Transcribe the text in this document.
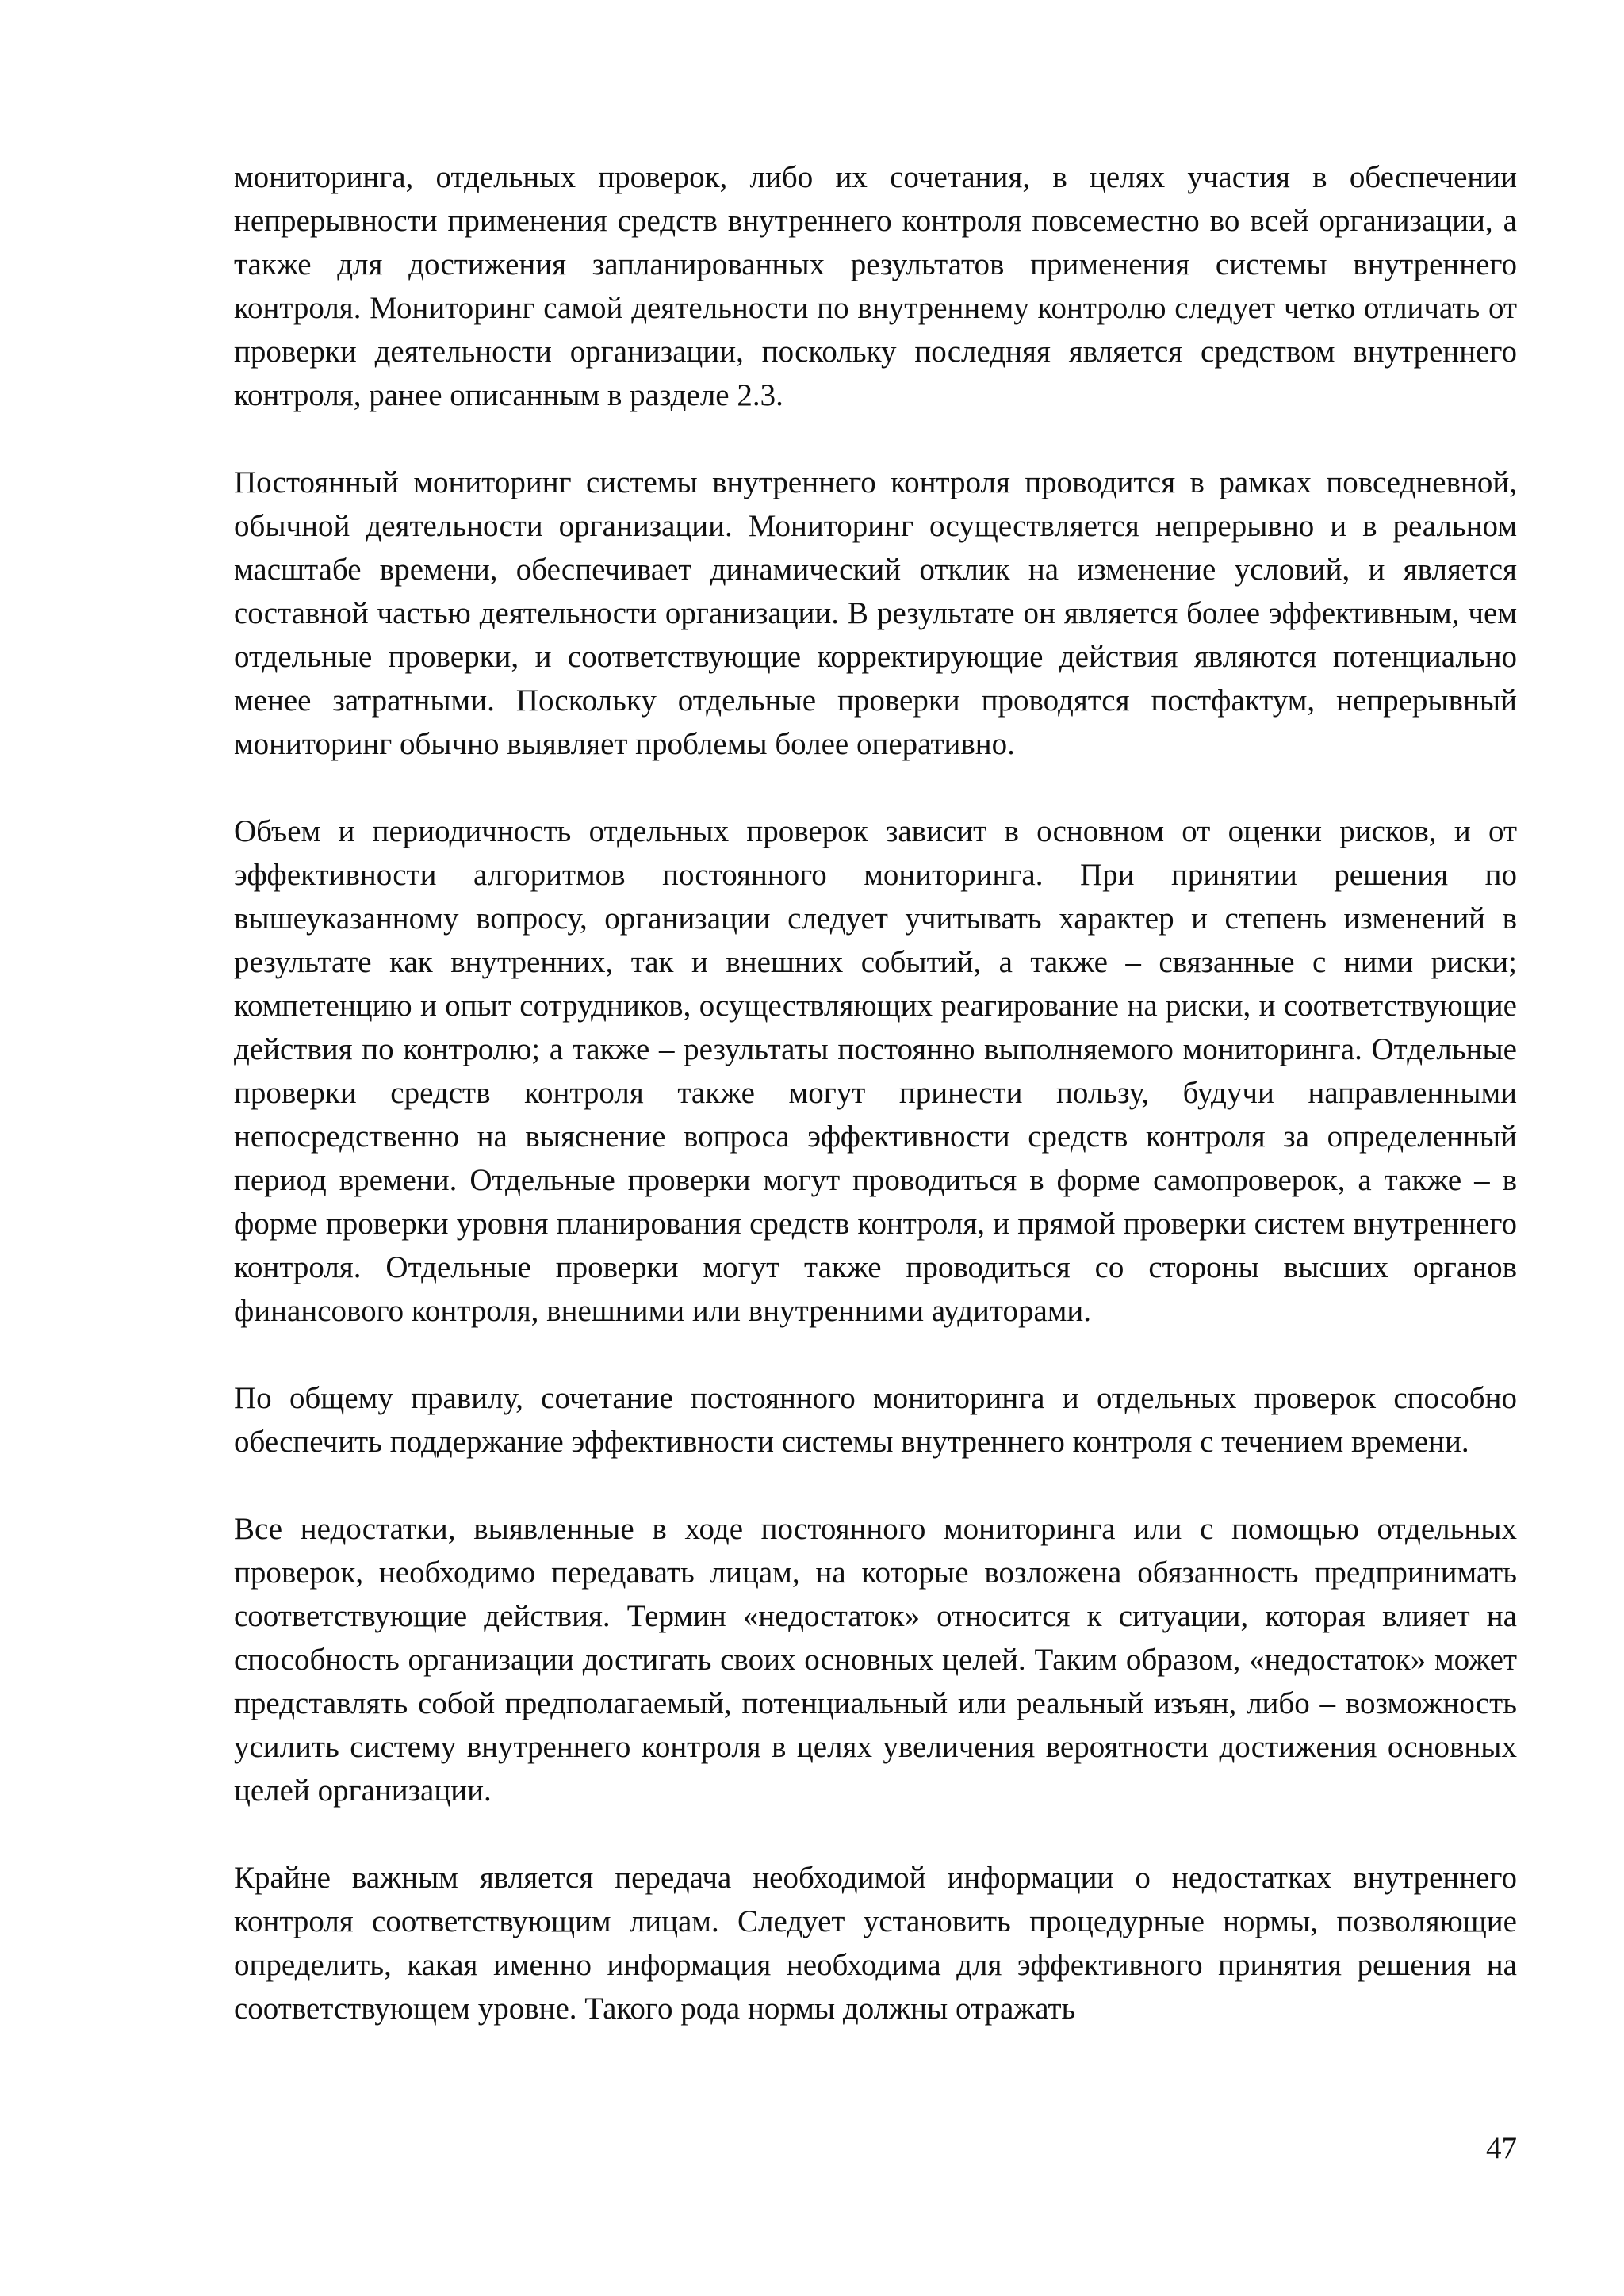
мониторинга, отдельных проверок, либо их сочетания, в целях участия в обеспечении непрерывности применения средств внутреннего контроля повсеместно во всей организации, а также для достижения запланированных результатов применения системы внутреннего контроля. Мониторинг самой деятельности по внутреннему контролю следует четко отличать от проверки деятельности организации, поскольку последняя является средством внутреннего контроля, ранее описанным в разделе 2.3.

Постоянный мониторинг системы внутреннего контроля проводится в рамках повседневной, обычной деятельности организации. Мониторинг осуществляется непрерывно и в реальном масштабе времени, обеспечивает динамический отклик на изменение условий, и является составной частью деятельности организации. В результате он является более эффективным, чем отдельные проверки, и соответствующие корректирующие действия являются потенциально менее затратными. Поскольку отдельные проверки проводятся постфактум, непрерывный мониторинг обычно выявляет проблемы более оперативно.

Объем и периодичность отдельных проверок зависит в основном от оценки рисков, и от эффективности алгоритмов постоянного мониторинга. При принятии решения по вышеуказанному вопросу, организации следует учитывать характер и степень изменений в результате как внутренних, так и внешних событий, а также – связанные с ними риски; компетенцию и опыт сотрудников, осуществляющих реагирование на риски, и соответствующие действия по контролю; а также – результаты постоянно выполняемого мониторинга. Отдельные проверки средств контроля также могут принести пользу, будучи направленными непосредственно на выяснение вопроса эффективности средств контроля за определенный период времени. Отдельные проверки могут проводиться в форме самопроверок, а также – в форме проверки уровня планирования средств контроля, и прямой проверки систем внутреннего контроля. Отдельные проверки могут также проводиться со стороны высших органов финансового контроля, внешними или внутренними аудиторами.

По общему правилу, сочетание постоянного мониторинга и отдельных проверок способно обеспечить поддержание эффективности системы внутреннего контроля с течением времени.

Все недостатки, выявленные в ходе постоянного мониторинга или с помощью отдельных проверок, необходимо передавать лицам, на которые возложена обязанность предпринимать соответствующие действия. Термин «недостаток» относится к ситуации, которая влияет на способность организации достигать своих основных целей. Таким образом, «недостаток» может представлять собой предполагаемый, потенциальный или реальный изъян, либо – возможность усилить систему внутреннего контроля в целях увеличения вероятности достижения основных целей организации.

Крайне важным является передача необходимой информации о недостатках внутреннего контроля соответствующим лицам. Следует установить процедурные нормы, позволяющие определить, какая именно информация необходима для эффективного принятия решения на соответствующем уровне. Такого рода нормы должны отражать

47
